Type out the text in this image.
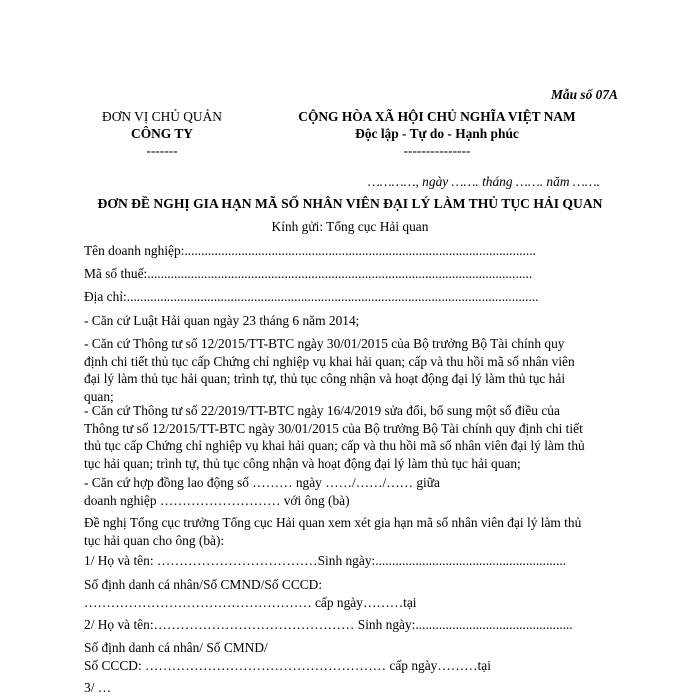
Mẫu số 07A
ĐƠN VỊ CHỦ QUẢN
CÔNG TY
-------
CỘNG HÒA XÃ HỘI CHỦ NGHĨA VIỆT NAM
Độc lập - Tự do - Hạnh phúc
---------------
…………, ngày ……. tháng ……. năm …….
ĐƠN ĐỀ NGHỊ GIA HẠN MÃ SỐ NHÂN VIÊN ĐẠI LÝ LÀM THỦ TỤC HẢI QUAN
Kính gửi: Tổng cục Hải quan
Tên doanh nghiệp:.........................................................................................................
Mã số thuế:...................................................................................................................
Địa chỉ:...........................................................................................................................
- Căn cứ Luật Hải quan ngày 23 tháng 6 năm 2014;
- Căn cứ Thông tư số 12/2015/TT-BTC ngày 30/01/2015 của Bộ trưởng Bộ Tài chính quy
định chi tiết thủ tục cấp Chứng chỉ nghiệp vụ khai hải quan; cấp và thu hồi mã số nhân viên
đại lý làm thủ tục hải quan; trình tự, thủ tục công nhận và hoạt động đại lý làm thủ tục hải
quan;
- Căn cứ Thông tư số 22/2019/TT-BTC ngày 16/4/2019 sửa đổi, bổ sung một số điều của
Thông tư số 12/2015/TT-BTC ngày 30/01/2015 của Bộ trưởng Bộ Tài chính quy định chi tiết
thủ tục cấp Chứng chỉ nghiệp vụ khai hải quan; cấp và thu hồi mã số nhân viên đại lý làm thủ
tục hải quan; trình tự, thủ tục công nhận và hoạt động đại lý làm thủ tục hải quan;
- Căn cứ hợp đồng lao động số ……… ngày ……/……/…… giữa
doanh nghiệp ……………………… với ông (bà)
Đề nghị Tổng cục trưởng Tổng cục Hải quan xem xét gia hạn mã số nhân viên đại lý làm thủ
tục hải quan cho ông (bà):
1/ Họ và tên: ………………………………Sinh ngày:.........................................................
Số định danh cá nhân/Số CMND/Số CCCD:
…………………………………………… cấp ngày………tại
2/ Họ và tên:……………………………………… Sinh ngày:...............................................
Số định danh cá nhân/ Số CMND/
Số CCCD: ……………………………………………… cấp ngày………tại
3/ …
